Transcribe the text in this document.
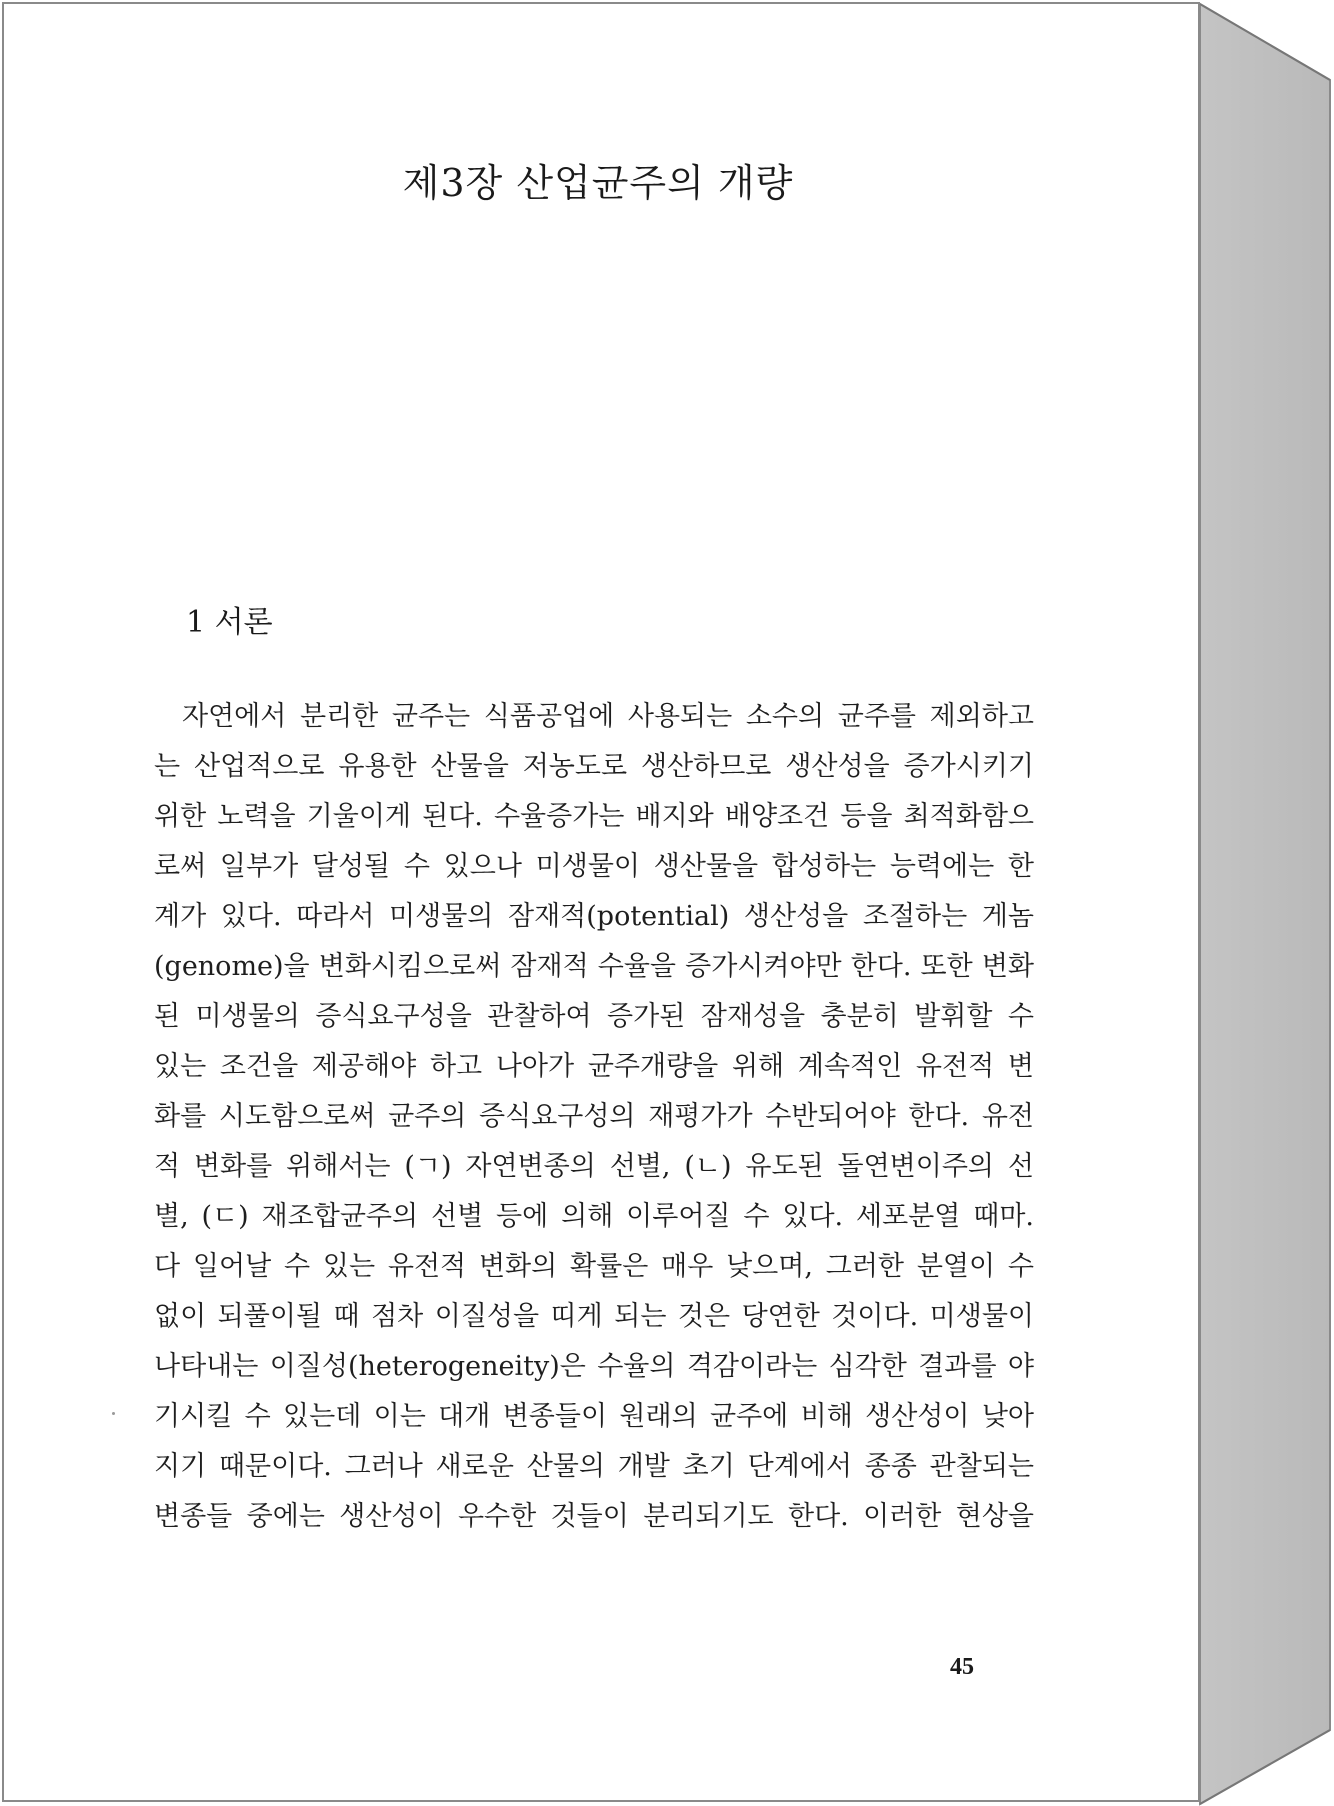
제3장 산업균주의 개량
1 서론
자연에서 분리한 균주는 식품공업에 사용되는 소수의 균주를 제외하고
는 산업적으로 유용한 산물을 저농도로 생산하므로 생산성을 증가시키기
위한 노력을 기울이게 된다. 수율증가는 배지와 배양조건 등을 최적화함으
로써 일부가 달성될 수 있으나 미생물이 생산물을 합성하는 능력에는 한
계가 있다. 따라서 미생물의 잠재적(potential) 생산성을 조절하는 게놈
(genome)을 변화시킴으로써 잠재적 수율을 증가시켜야만 한다. 또한 변화
된 미생물의 증식요구성을 관찰하여 증가된 잠재성을 충분히 발휘할 수
있는 조건을 제공해야 하고 나아가 균주개량을 위해 계속적인 유전적 변
화를 시도함으로써 균주의 증식요구성의 재평가가 수반되어야 한다. 유전
적 변화를 위해서는 (ㄱ) 자연변종의 선별, (ㄴ) 유도된 돌연변이주의 선
별, (ㄷ) 재조합균주의 선별 등에 의해 이루어질 수 있다. 세포분열 때마.
다 일어날 수 있는 유전적 변화의 확률은 매우 낮으며, 그러한 분열이 수
없이 되풀이될 때 점차 이질성을 띠게 되는 것은 당연한 것이다. 미생물이
나타내는 이질성(heterogeneity)은 수율의 격감이라는 심각한 결과를 야
기시킬 수 있는데 이는 대개 변종들이 원래의 균주에 비해 생산성이 낮아
지기 때문이다. 그러나 새로운 산물의 개발 초기 단계에서 종종 관찰되는
변종들 중에는 생산성이 우수한 것들이 분리되기도 한다. 이러한 현상을
45
